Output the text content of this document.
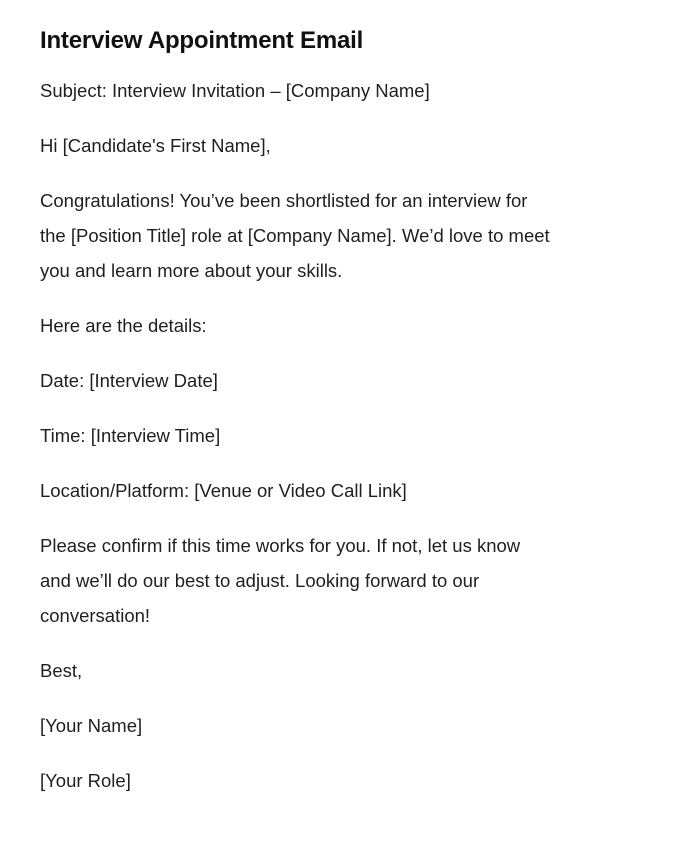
Interview Appointment Email

Subject: Interview Invitation – [Company Name]

Hi [Candidate's First Name],

Congratulations! You’ve been shortlisted for an interview for
the [Position Title] role at [Company Name]. We’d love to meet
you and learn more about your skills.

Here are the details:

Date: [Interview Date]

Time: [Interview Time]

Location/Platform: [Venue or Video Call Link]

Please confirm if this time works for you. If not, let us know
and we’ll do our best to adjust. Looking forward to our
conversation!

Best,

[Your Name]

[Your Role]
